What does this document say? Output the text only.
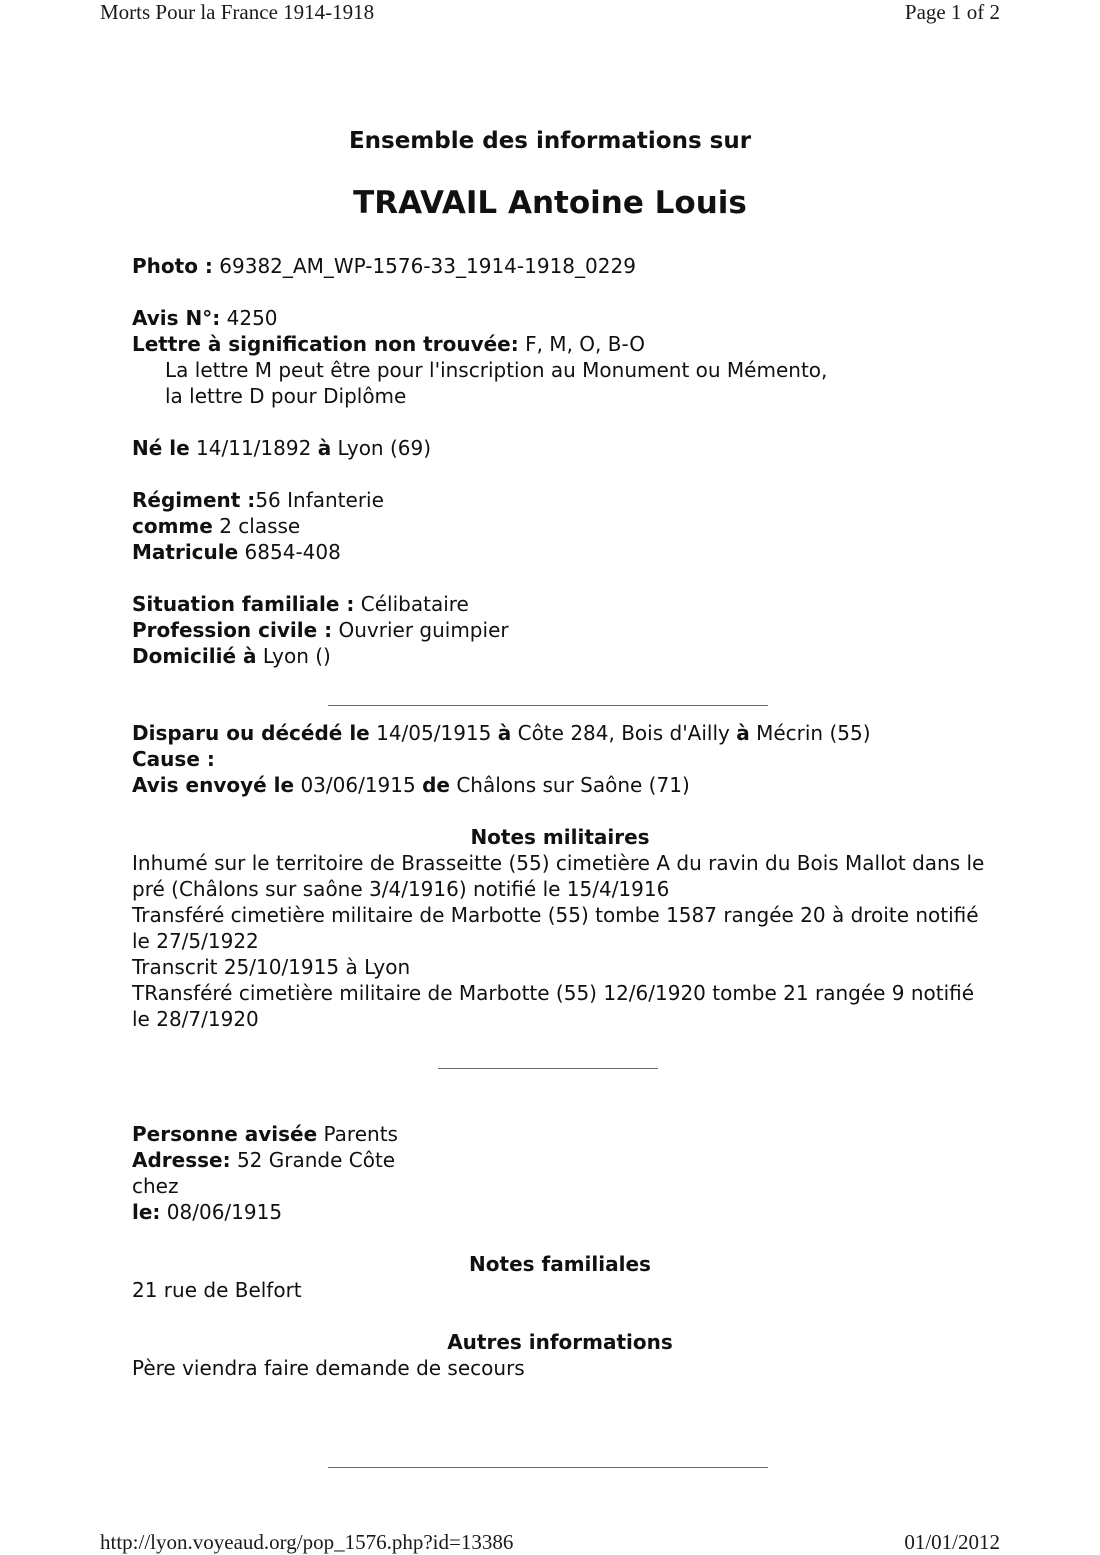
Morts Pour la France 1914-1918	Page 1 of 2

Ensemble des informations sur

TRAVAIL Antoine Louis

Photo : 69382_AM_WP-1576-33_1914-1918_0229

Avis N°: 4250

Lettre à signification non trouvée: F, M, O, B-O

La lettre M peut être pour l'inscription au Monument ou Mémento,

la lettre D pour Diplôme

Né le 14/11/1892 à Lyon (69)

Régiment :56 Infanterie

comme 2 classe

Matricule 6854-408

Situation familiale : Célibataire

Profession civile : Ouvrier guimpier

Domicilié à Lyon ()

Disparu ou décédé le 14/05/1915 à Côte 284, Bois d'Ailly à Mécrin (55)

Cause :

Avis envoyé le 03/06/1915 de Châlons sur Saône (71)

Notes militaires

Inhumé sur le territoire de Brasseitte (55) cimetière A du ravin du Bois Mallot dans le pré (Châlons sur saône 3/4/1916) notifié le 15/4/1916

Transféré cimetière militaire de Marbotte (55) tombe 1587 rangée 20 à droite notifié le 27/5/1922

Transcrit 25/10/1915 à Lyon

TRansféré cimetière militaire de Marbotte (55) 12/6/1920 tombe 21 rangée 9 notifié le 28/7/1920

Personne avisée Parents

Adresse: 52 Grande Côte

chez

le: 08/06/1915

Notes familiales

21 rue de Belfort

Autres informations

Père viendra faire demande de secours

http://lyon.voyeaud.org/pop_1576.php?id=13386	01/01/2012
